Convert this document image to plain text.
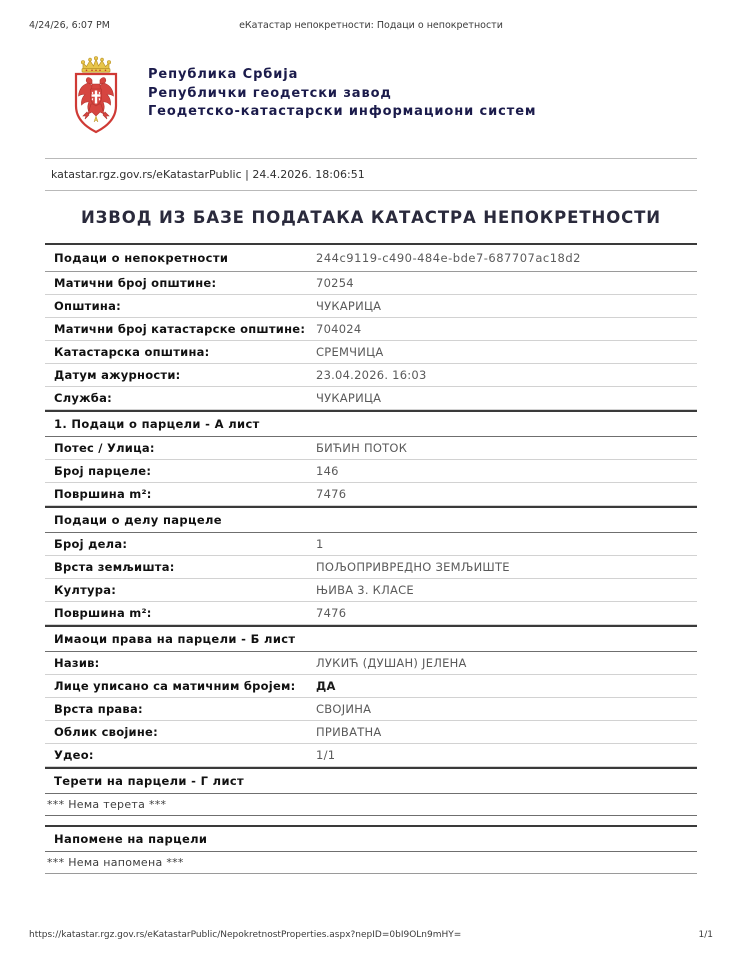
4/24/26, 6:07 PM	еКатастар непокретности: Подаци о непокретности
Република Србија
Републички геодетски завод
Геодетско-катастарски информациони систем
katastar.rgz.gov.rs/eKatastarPublic | 24.4.2026. 18:06:51
ИЗВОД ИЗ БАЗЕ ПОДАТАКА КАТАСТРА НЕПОКРЕТНОСТИ
Подаци о непокретности	244c9119-c490-484e-bde7-687707ac18d2
Матични број општине:	70254
Општина:	ЧУКАРИЦА
Матични број катастарске општине: 704024
Катастарска општина:	СРЕМЧИЦА
Датум ажурности:	23.04.2026. 16:03
Служба:	ЧУКАРИЦА
1. Подаци о парцели - А лист
Потес / Улица:	БИЋИН ПОТОК
Број парцеле:	146
Површина m²:	7476
Подаци о делу парцеле
Број дела:	1
Врста земљишта:	ПОЉОПРИВРЕДНО ЗЕМЉИШТЕ
Култура:	ЊИВА 3. КЛАСЕ
Површина m²:	7476
Имаоци права на парцели - Б лист
Назив:	ЛУКИЋ (ДУШАН) ЈЕЛЕНА
Лице уписано са матичним бројем:	ДА
Врста права:	СВОЈИНА
Облик својине:	ПРИВАТНА
Удео:	1/1
Терети на парцели - Г лист
*** Нема терета ***
Напомене на парцели
*** Нема напомена ***
https://katastar.rgz.gov.rs/eKatastarPublic/NepokretnostProperties.aspx?nepID=0bI9OLn9mHY=	1/1
